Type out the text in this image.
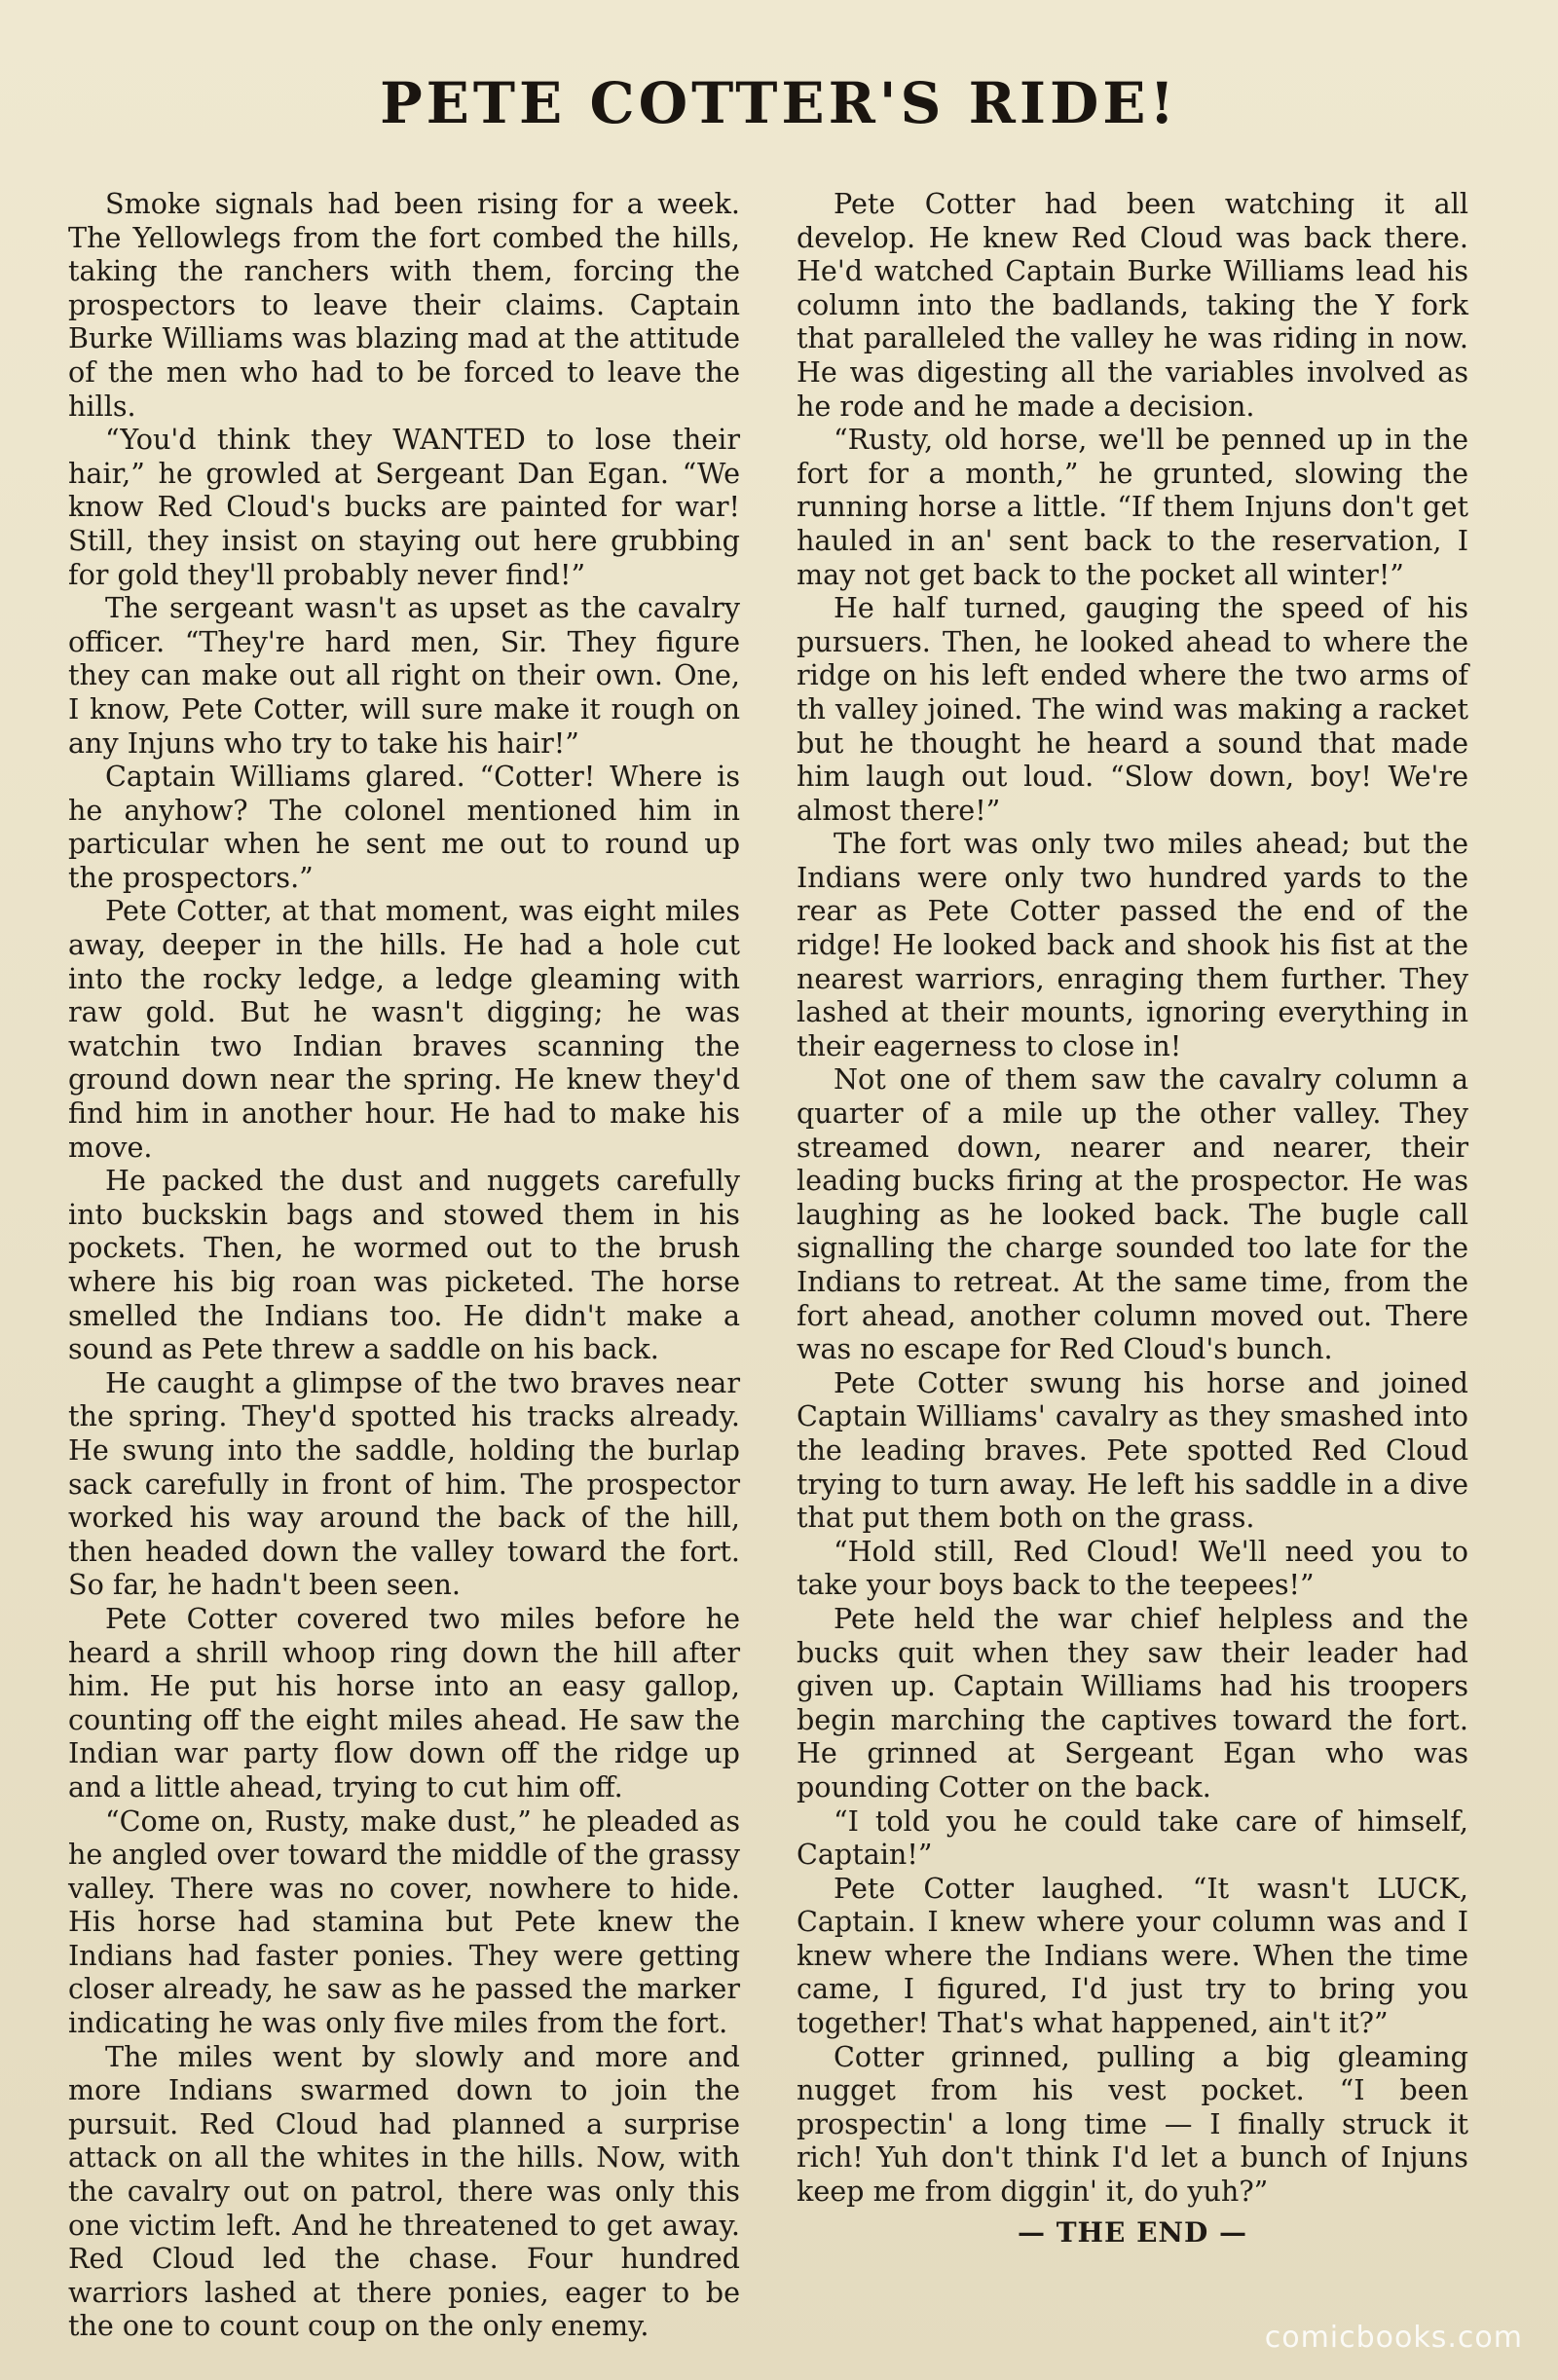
PETE COTTER'S RIDE!

Smoke signals had been rising for a week. The Yellowlegs from the fort combed the hills, taking the ranchers with them, forcing the prospectors to leave their claims. Captain Burke Williams was blazing mad at the attitude of the men who had to be forced to leave the hills.

“You'd think they WANTED to lose their hair,” he growled at Sergeant Dan Egan. “We know Red Cloud's bucks are painted for war! Still, they insist on staying out here grubbing for gold they'll probably never find!”

The sergeant wasn't as upset as the cavalry officer. “They're hard men, Sir. They figure they can make out all right on their own. One, I know, Pete Cotter, will sure make it rough on any Injuns who try to take his hair!”

Captain Williams glared. “Cotter! Where is he anyhow? The colonel mentioned him in particular when he sent me out to round up the prospectors.”

Pete Cotter, at that moment, was eight miles away, deeper in the hills. He had a hole cut into the rocky ledge, a ledge gleaming with raw gold. But he wasn't digging; he was watchin two Indian braves scanning the ground down near the spring. He knew they'd find him in another hour. He had to make his move.

He packed the dust and nuggets carefully into buckskin bags and stowed them in his pockets. Then, he wormed out to the brush where his big roan was picketed. The horse smelled the Indians too. He didn't make a sound as Pete threw a saddle on his back.

He caught a glimpse of the two braves near the spring. They'd spotted his tracks already. He swung into the saddle, holding the burlap sack carefully in front of him. The prospector worked his way around the back of the hill, then headed down the valley toward the fort. So far, he hadn't been seen.

Pete Cotter covered two miles before he heard a shrill whoop ring down the hill after him. He put his horse into an easy gallop, counting off the eight miles ahead. He saw the Indian war party flow down off the ridge up and a little ahead, trying to cut him off.

“Come on, Rusty, make dust,” he pleaded as he angled over toward the middle of the grassy valley. There was no cover, nowhere to hide. His horse had stamina but Pete knew the Indians had faster ponies. They were getting closer already, he saw as he passed the marker indicating he was only five miles from the fort.

The miles went by slowly and more and more Indians swarmed down to join the pursuit. Red Cloud had planned a surprise attack on all the whites in the hills. Now, with the cavalry out on patrol, there was only this one victim left. And he threatened to get away. Red Cloud led the chase. Four hundred warriors lashed at there ponies, eager to be the one to count coup on the only enemy.

Pete Cotter had been watching it all develop. He knew Red Cloud was back there. He'd watched Captain Burke Williams lead his column into the badlands, taking the Y fork that paralleled the valley he was riding in now. He was digesting all the variables involved as he rode and he made a decision.

“Rusty, old horse, we'll be penned up in the fort for a month,” he grunted, slowing the running horse a little. “If them Injuns don't get hauled in an' sent back to the reservation, I may not get back to the pocket all winter!”

He half turned, gauging the speed of his pursuers. Then, he looked ahead to where the ridge on his left ended where the two arms of th valley joined. The wind was making a racket but he thought he heard a sound that made him laugh out loud. “Slow down, boy! We're almost there!”

The fort was only two miles ahead; but the Indians were only two hundred yards to the rear as Pete Cotter passed the end of the ridge! He looked back and shook his fist at the nearest warriors, enraging them further. They lashed at their mounts, ignoring everything in their eagerness to close in!

Not one of them saw the cavalry column a quarter of a mile up the other valley. They streamed down, nearer and nearer, their leading bucks firing at the prospector. He was laughing as he looked back. The bugle call signalling the charge sounded too late for the Indians to retreat. At the same time, from the fort ahead, another column moved out. There was no escape for Red Cloud's bunch.

Pete Cotter swung his horse and joined Captain Williams' cavalry as they smashed into the leading braves. Pete spotted Red Cloud trying to turn away. He left his saddle in a dive that put them both on the grass.

“Hold still, Red Cloud! We'll need you to take your boys back to the teepees!”

Pete held the war chief helpless and the bucks quit when they saw their leader had given up. Captain Williams had his troopers begin marching the captives toward the fort. He grinned at Sergeant Egan who was pounding Cotter on the back.

“I told you he could take care of himself, Captain!”

Pete Cotter laughed. “It wasn't LUCK, Captain. I knew where your column was and I knew where the Indians were. When the time came, I figured, I'd just try to bring you together! That's what happened, ain't it?”

Cotter grinned, pulling a big gleaming nugget from his vest pocket. “I been prospectin' a long time — I finally struck it rich! Yuh don't think I'd let a bunch of Injuns keep me from diggin' it, do yuh?”

— THE END —
comicbooks.com
